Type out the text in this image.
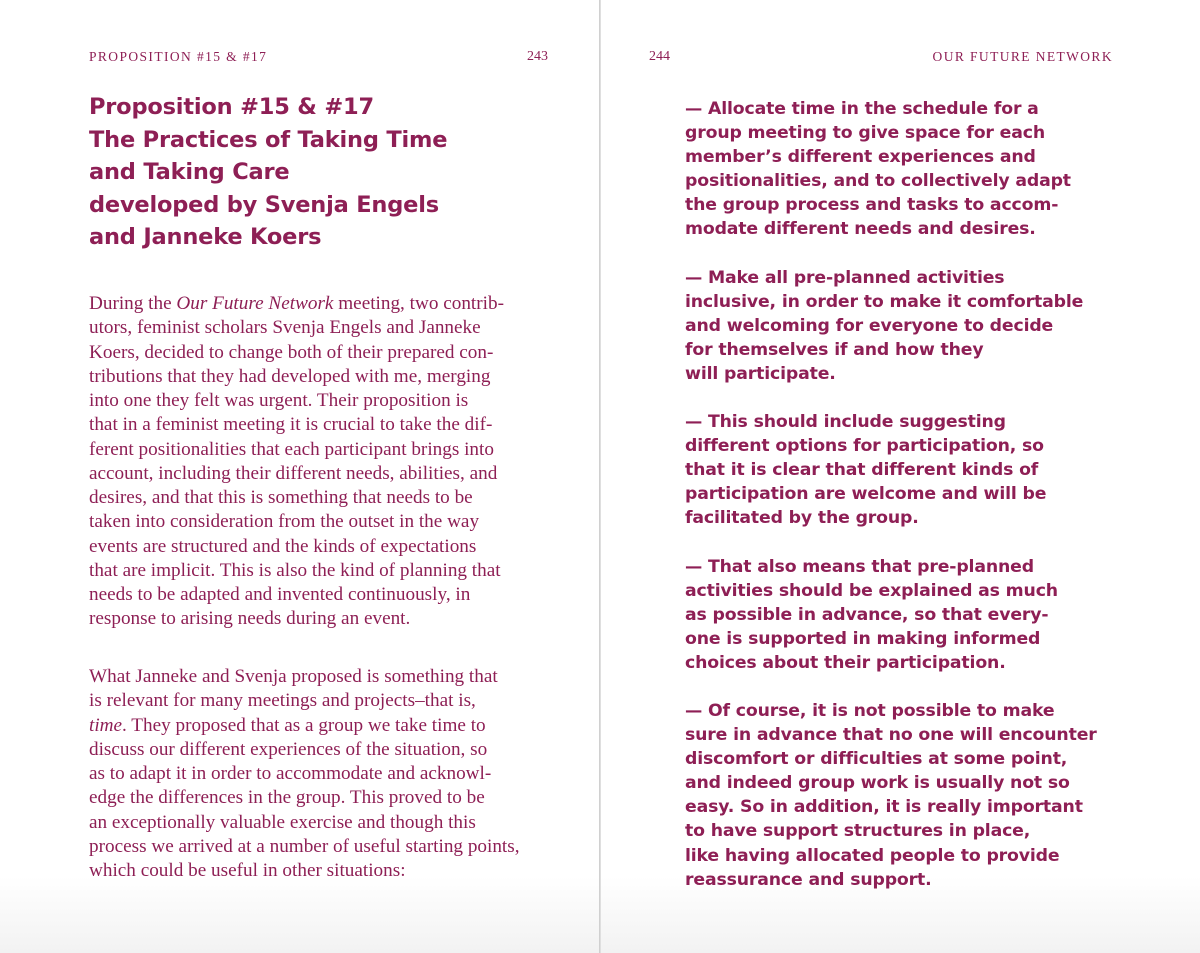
PROPOSITION #15 & #17	243
Proposition #15 & #17
The Practices of Taking Time
and Taking Care
developed by Svenja Engels
and Janneke Koers
During the Our Future Network meeting, two contrib-
utors, feminist scholars Svenja Engels and Janneke
Koers, decided to change both of their prepared con-
tributions that they had developed with me, merging
into one they felt was urgent. Their proposition is
that in a feminist meeting it is crucial to take the dif-
ferent positionalities that each participant brings into
account, including their different needs, abilities, and
desires, and that this is something that needs to be
taken into consideration from the outset in the way
events are structured and the kinds of expectations
that are implicit. This is also the kind of planning that
needs to be adapted and invented continuously, in
response to arising needs during an event.
What Janneke and Svenja proposed is something that
is relevant for many meetings and projects–that is,
time. They proposed that as a group we take time to
discuss our different experiences of the situation, so
as to adapt it in order to accommodate and acknowl-
edge the differences in the group. This proved to be
an exceptionally valuable exercise and though this
process we arrived at a number of useful starting points,
which could be useful in other situations:
244	OUR FUTURE NETWORK
— Allocate time in the schedule for a
group meeting to give space for each
member’s different experiences and
positionalities, and to collectively adapt
the group process and tasks to accom-
modate different needs and desires.
— Make all pre-planned activities
inclusive, in order to make it comfortable
and welcoming for everyone to decide
for themselves if and how they
will participate.
— This should include suggesting
different options for participation, so
that it is clear that different kinds of
participation are welcome and will be
facilitated by the group.
— That also means that pre-planned
activities should be explained as much
as possible in advance, so that every-
one is supported in making informed
choices about their participation.
— Of course, it is not possible to make
sure in advance that no one will encounter
discomfort or difficulties at some point,
and indeed group work is usually not so
easy. So in addition, it is really important
to have support structures in place,
like having allocated people to provide
reassurance and support.
